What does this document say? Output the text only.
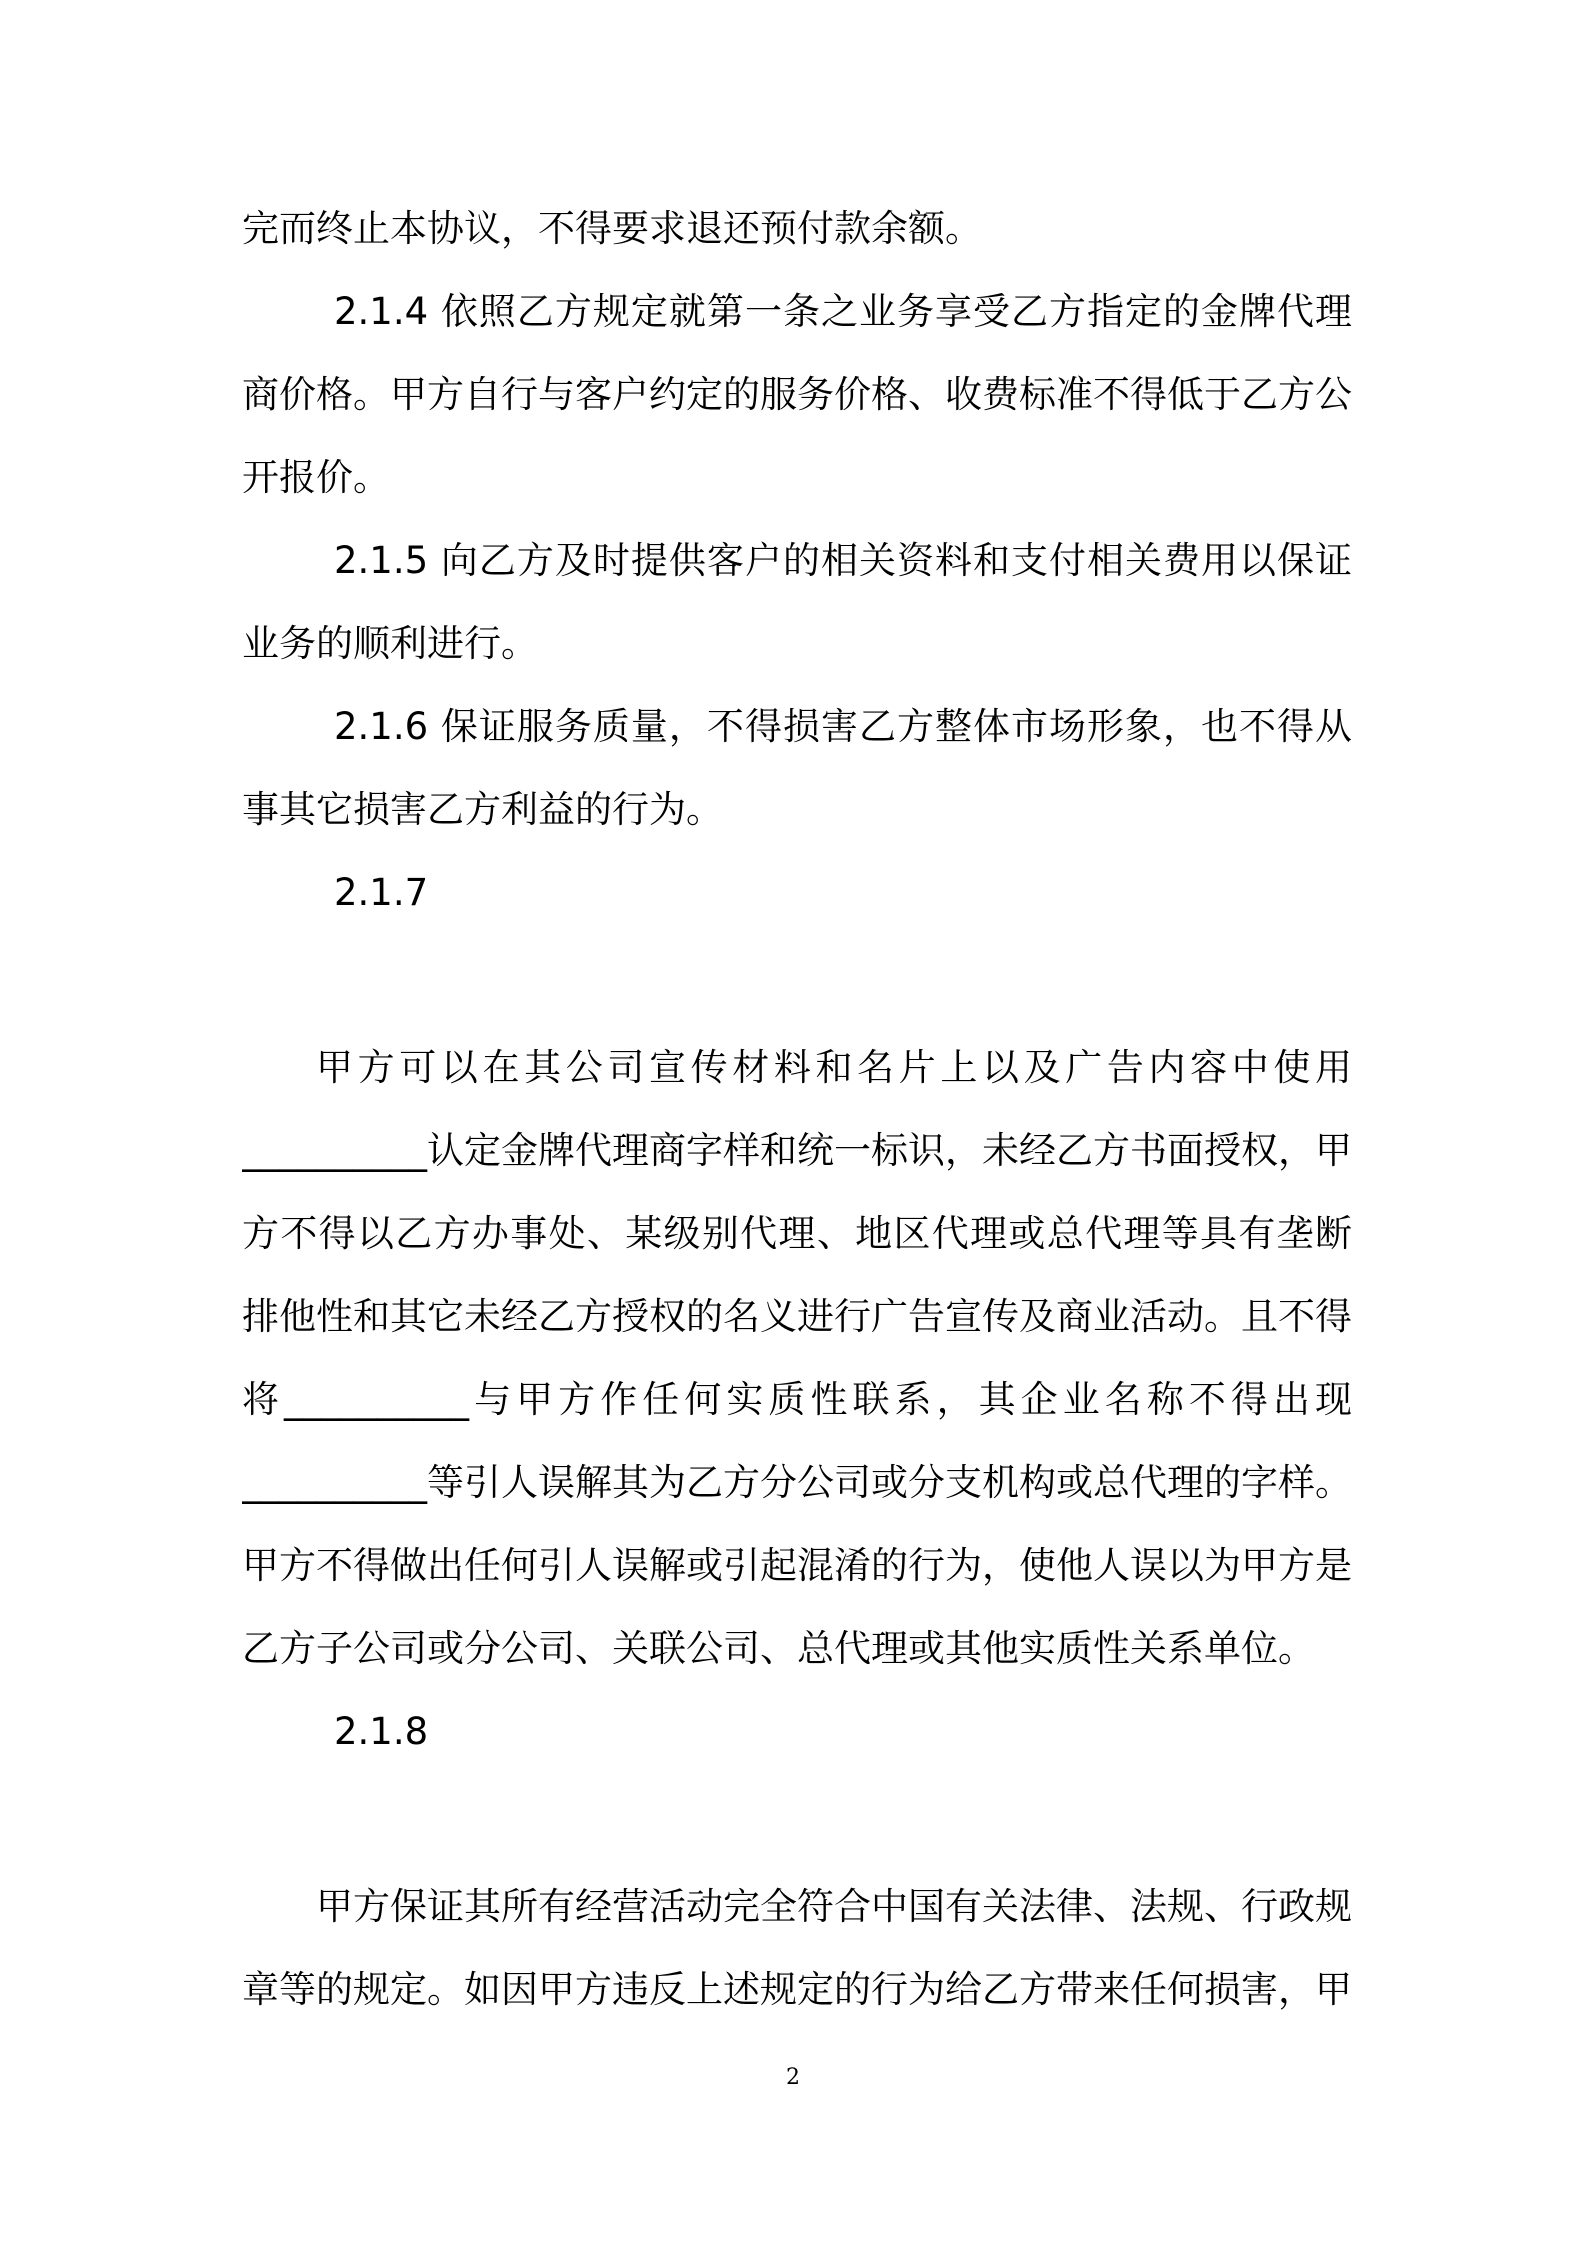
完而终止本协议，不得要求退还预付款余额。
2.1.4 依照乙方规定就第一条之业务享受乙方指定的金牌代理
商价格。甲方自行与客户约定的服务价格、收费标准不得低于乙方公
开报价。
2.1.5 向乙方及时提供客户的相关资料和支付相关费用以保证
业务的顺利进行。
2.1.6 保证服务质量，不得损害乙方整体市场形象，也不得从
事其它损害乙方利益的行为。
2.1.7
甲方可以在其公司宣传材料和名片上以及广告内容中使用
__________认定金牌代理商字样和统一标识，未经乙方书面授权，甲
方不得以乙方办事处、某级别代理、地区代理或总代理等具有垄断
排他性和其它未经乙方授权的名义进行广告宣传及商业活动。且不得
将__________与甲方作任何实质性联系，其企业名称不得出现
__________等引人误解其为乙方分公司或分支机构或总代理的字样。
甲方不得做出任何引人误解或引起混淆的行为，使他人误以为甲方是
乙方子公司或分公司、关联公司、总代理或其他实质性关系单位。
2.1.8
甲方保证其所有经营活动完全符合中国有关法律、法规、行政规
章等的规定。如因甲方违反上述规定的行为给乙方带来任何损害，甲
2
